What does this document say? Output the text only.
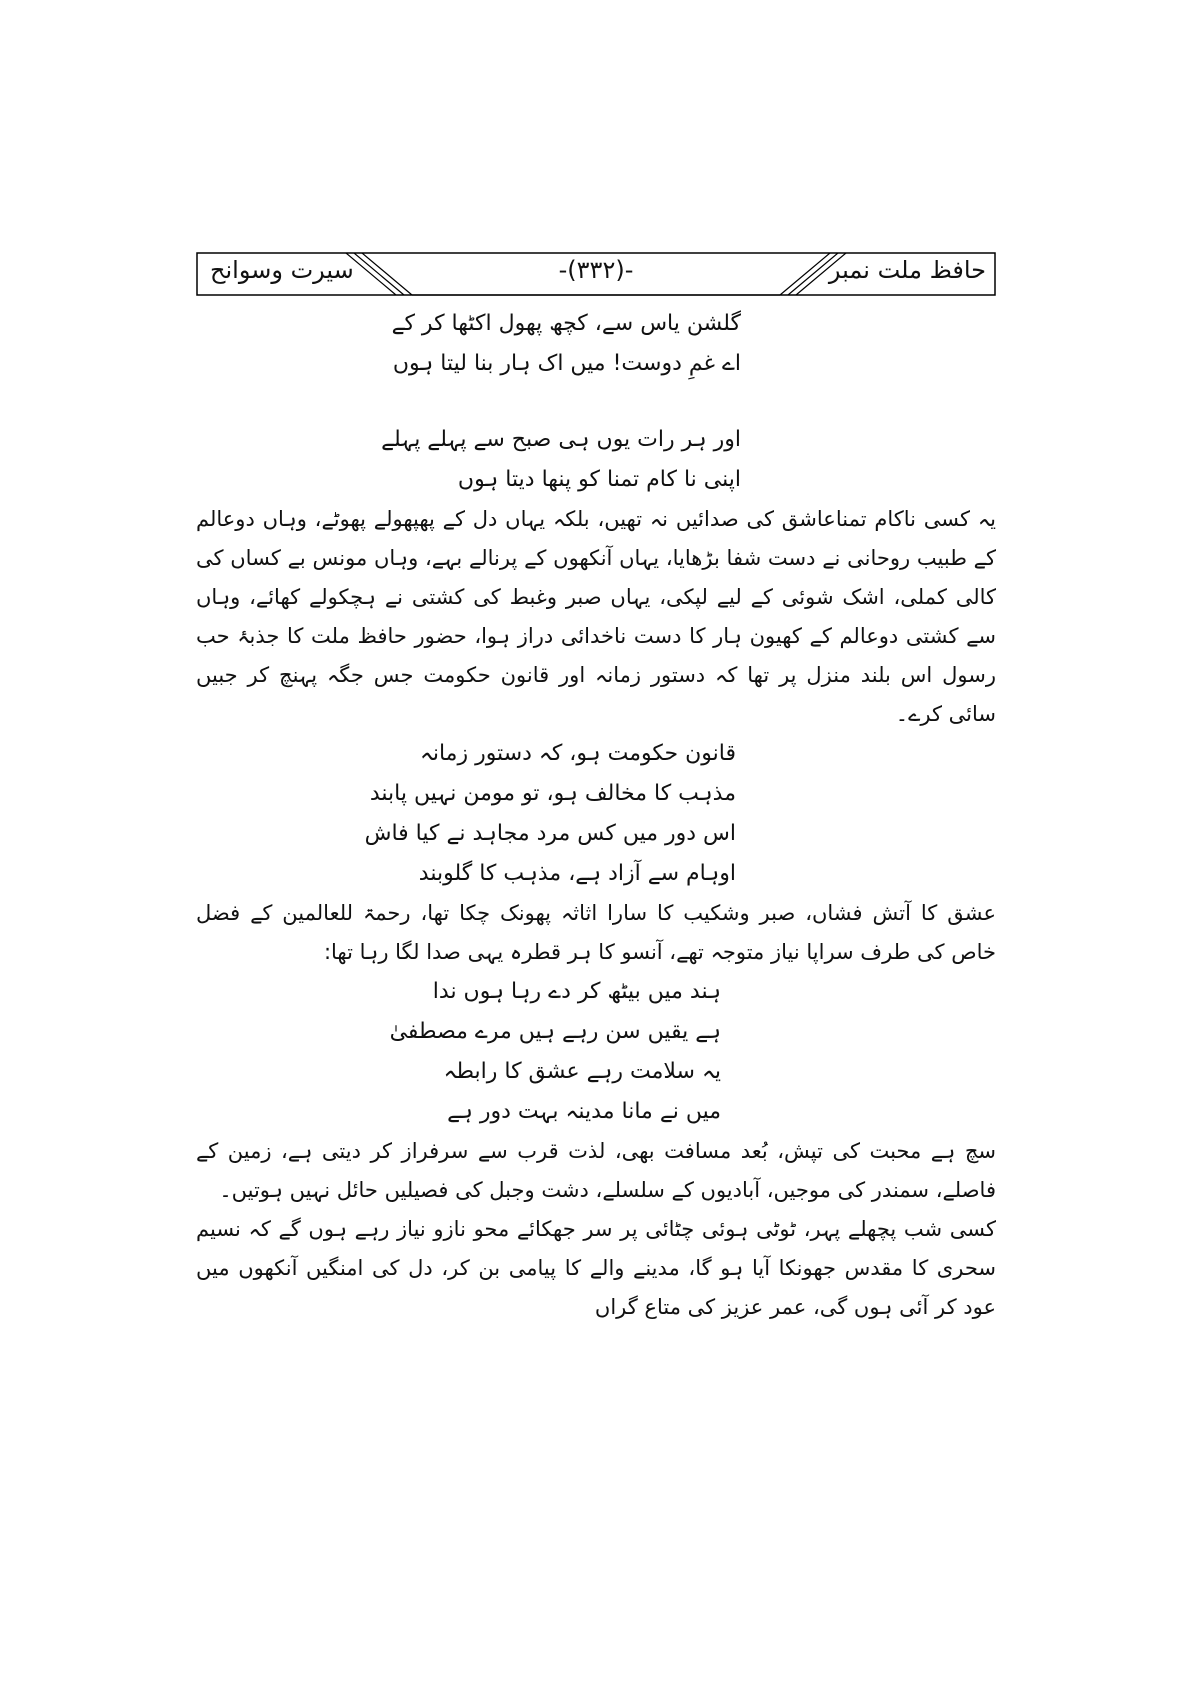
حافظ ملت نمبر
-(۳۳۲)-
سیرت وسوانح
گلشن یاس سے، کچھ پھول اکٹھا کر کے
اے غمِ دوست! میں اک ہار بنا لیتا ہوں
اور ہر رات یوں ہی صبح سے پہلے پہلے
اپنی نا کام تمنا کو پنھا دیتا ہوں
یہ کسی ناکام تمناعاشق کی صدائیں نہ تھیں، بلکہ یہاں دل کے پھپھولے پھوٹے، وہاں دوعالم کے طبیب روحانی نے دست شفا بڑھایا، یہاں آنکھوں کے پرنالے بہے، وہاں مونس بے کساں کی کالی کملی، اشک شوئی کے لیے لپکی، یہاں صبر وغبط کی کشتی نے ہچکولے کھائے، وہاں سے کشتی دوعالم کے کھیون ہار کا دست ناخدائی دراز ہوا، حضور حافظ ملت کا جذبۂ حب رسول اس بلند منزل پر تھا کہ دستور زمانہ اور قانون حکومت جس جگہ پہنچ کر جبیں سائی کرے۔
قانون حکومت ہو، کہ دستور زمانہ
مذہب کا مخالف ہو، تو مومن نہیں پابند
اس دور میں کس مرد مجاہد نے کیا فاش
اوہام سے آزاد ہے، مذہب کا گلوبند
عشق کا آتش فشاں، صبر وشکیب کا سارا اثاثہ پھونک چکا تھا، رحمۃ للعالمین کے فضل خاص کی طرف سراپا نیاز متوجہ تھے، آنسو کا ہر قطرہ یہی صدا لگا رہا تھا:
ہند میں بیٹھ کر دے رہا ہوں ندا
ہے یقیں سن رہے ہیں مرے مصطفیٰ
یہ سلامت رہے عشق کا رابطہ
میں نے مانا مدینہ بہت دور ہے
سچ ہے محبت کی تپش، بُعد مسافت بھی، لذت قرب سے سرفراز کر دیتی ہے، زمین کے فاصلے، سمندر کی موجیں، آبادیوں کے سلسلے، دشت وجبل کی فصیلیں حائل نہیں ہوتیں۔
کسی شب پچھلے پہر، ٹوٹی ہوئی چٹائی پر سر جھکائے محو نازو نیاز رہے ہوں گے کہ نسیم سحری کا مقدس جھونکا آیا ہو گا، مدینے والے کا پیامی بن کر، دل کی امنگیں آنکھوں میں عود کر آئی ہوں گی، عمر عزیز کی متاع گراں
